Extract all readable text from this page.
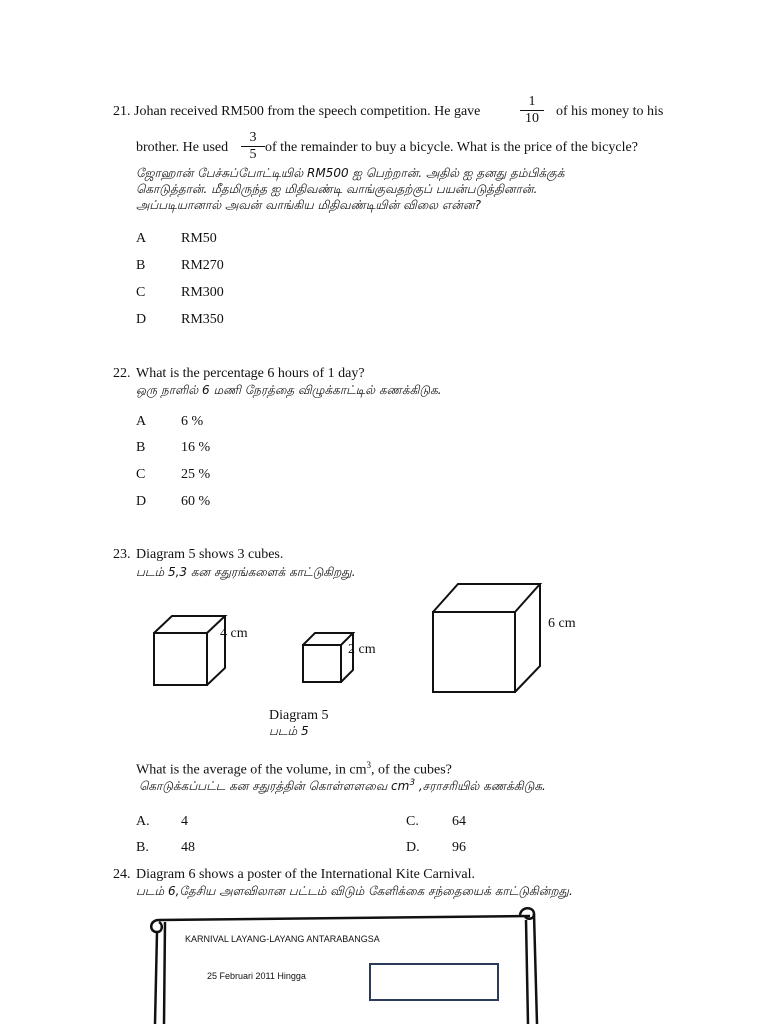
21. Johan received RM500 from the speech competition. He gave
1
10	of his money to his
brother. He used
3
5 of the remainder to buy a bicycle. What is the price of the bicycle?
ஜோஹான் பேச்சுப்போட்டியில் RM500 ஐ பெற்றான். அதில் ஐ தனது தம்பிக்குக்
கொடுத்தான். மீதமிருந்த ஐ மிதிவண்டி வாங்குவதற்குப் பயன்படுத்தினான்.
அப்படியானால் அவன் வாங்கிய மிதிவண்டியின் விலை என்ன?
A RM50
B	RM270
C	RM300
D RM350
22. What is the percentage 6 hours of 1 day?
ஒரு நாளில் 6 மணி நேரத்தை விழுக்காட்டில் கணக்கிடுக.
A 6 %
B	16 %
C	25 %
D 60 %
23. Diagram 5 shows 3 cubes.
படம் 5,3 கன சதுரங்களைக் காட்டுகிறது.
4 cm
2 cm
6 cm
Diagram 5
படம் 5
What is the average of the volume, in $cm^3$, of the cubes?
கொடுக்கப்பட்ட கன சதுரத்தின் கொள்ளளவை $cm^3$ ,சராசரியில் கணக்கிடுக.
A. 4
B. 48
C. 64
D. 96
24. Diagram 6 shows a poster of the International Kite Carnival.
படம் 6,தேசிய அளவிலான பட்டம் விடும் கேளிக்கை சந்தையைக் காட்டுகின்றது.
KARNIVAL LAYANG-LAYANG ANTARABANGSA
25 Februari 2011 Hingga
